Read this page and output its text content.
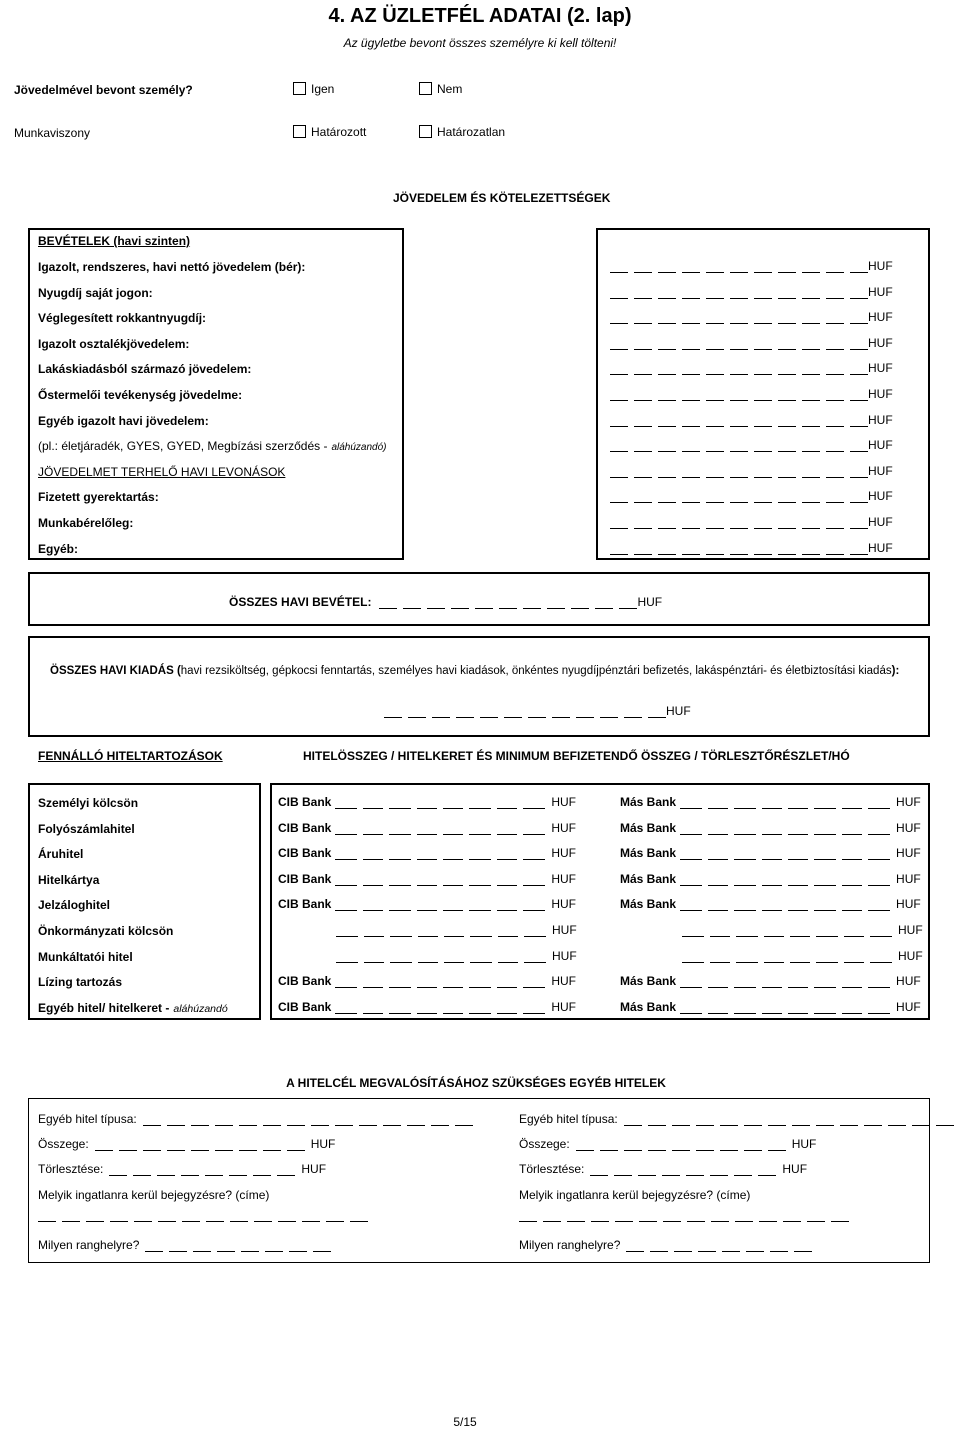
4. AZ ÜZLETFÉL ADATAI (2. lap)
Az ügyletbe bevont összes személyre ki kell tölteni!
Jövedelmével bevont személy?	Igen	Nem
Munkaviszony	Határozott	Határozatlan
JÖVEDELEM ÉS KÖTELEZETTSÉGEK
BEVÉTELEK (havi szinten)
Igazolt, rendszeres, havi nettó jövedelem (bér):	HUF
Nyugdíj saját jogon:	HUF
Véglegesített rokkantnyugdíj:	HUF
Igazolt osztalékjövedelem:	HUF
Lakáskiadásból származó jövedelem:	HUF
Őstermelői tevékenység jövedelme:	HUF
Egyéb igazolt havi jövedelem:	HUF
(pl.: életjáradék, GYES, GYED, Megbízási szerződés - aláhúzandó)	HUF
JÖVEDELMET TERHELŐ HAVI LEVONÁSOK	HUF
Fizetett gyerektartás:	HUF
Munkabérelőleg:	HUF
Egyéb:	HUF
ÖSSZES HAVI BEVÉTEL:	HUF
ÖSSZES HAVI KIADÁS (havi rezsiköltség, gépkocsi fenntartás, személyes havi kiadások, önkéntes nyugdíjpénztári befizetés, lakáspénztári- és életbiztosítási kiadás):
HUF
FENNÁLLÓ HITELTARTOZÁSOK	HITELÖSSZEG / HITELKERET ÉS MINIMUM BEFIZETENDŐ ÖSSZEG / TÖRLESZTŐRÉSZLET/HÓ
Személyi kölcsön	CIB Bank	HUF	Más Bank	HUF
Folyószámlahitel	CIB Bank	HUF	Más Bank	HUF
Áruhitel	CIB Bank	HUF	Más Bank	HUF
Hitelkártya	CIB Bank	HUF	Más Bank	HUF
Jelzáloghitel	CIB Bank	HUF	Más Bank	HUF
Önkormányzati kölcsön	HUF	HUF
Munkáltatói hitel	HUF	HUF
Lízing tartozás	CIB Bank	HUF	Más Bank	HUF
Egyéb hitel/ hitelkeret - aláhúzandó	CIB Bank	HUF	Más Bank	HUF
A HITELCÉL MEGVALÓSÍTÁSÁHOZ SZÜKSÉGES EGYÉB HITELEK
Egyéb hitel típusa:
Összege:	HUF
Törlesztése:	HUF
Melyik ingatlanra kerül bejegyzésre? (címe)
Milyen ranghelyre?
Egyéb hitel típusa:
Összege:	HUF
Törlesztése:	HUF
Melyik ingatlanra kerül bejegyzésre? (címe)
Milyen ranghelyre?
5/15
